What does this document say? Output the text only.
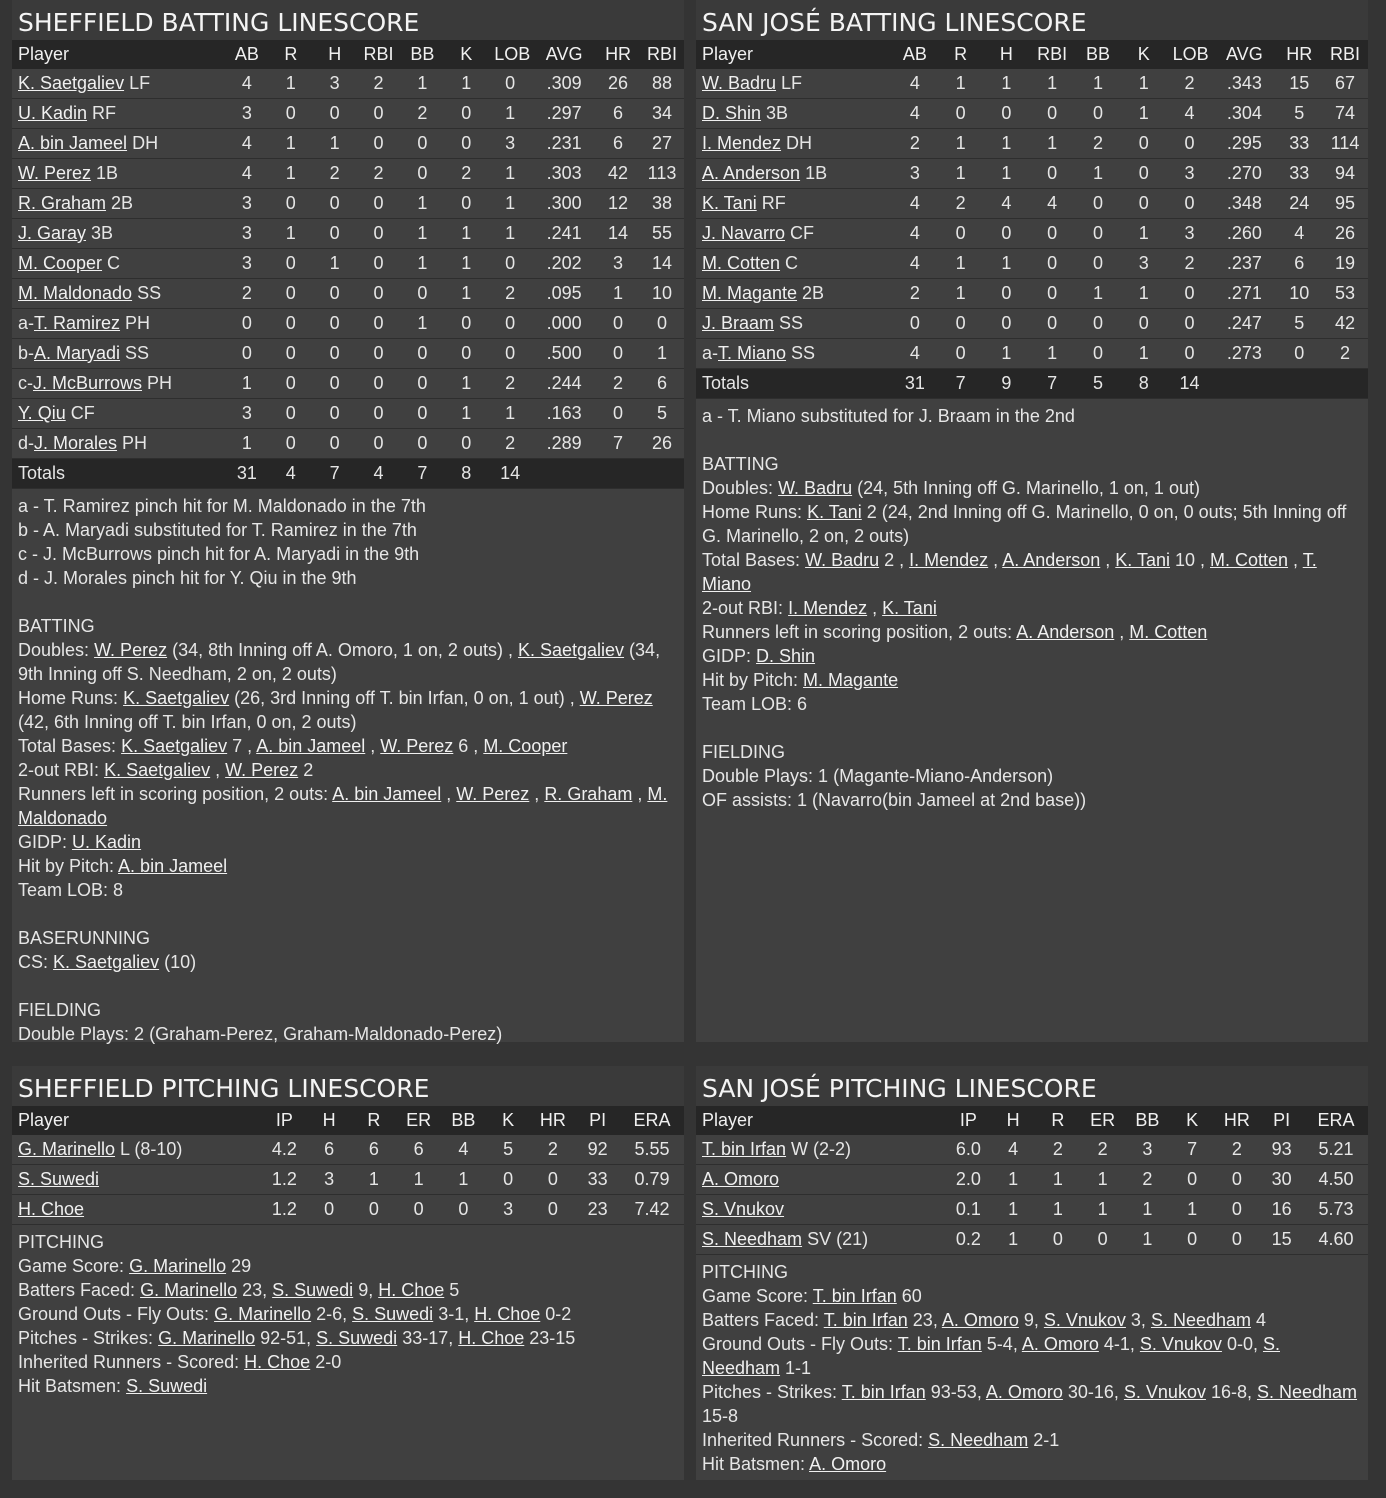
SHEFFIELD BATTING LINESCORE
Player	AB	R	H	RBI	BB	K	LOB	AVG	HR	RBI
K. Saetgaliev LF	4	1	3	2	1	1	0	.309	26	88
U. Kadin RF	3	0	0	0	2	0	1	.297	6	34
A. bin Jameel DH	4	1	1	0	0	0	3	.231	6	27
W. Perez 1B	4	1	2	2	0	2	1	.303	42	113
R. Graham 2B	3	0	0	0	1	0	1	.300	12	38
J. Garay 3B	3	1	0	0	1	1	1	.241	14	55
M. Cooper C	3	0	1	0	1	1	0	.202	3	14
M. Maldonado SS	2	0	0	0	0	1	2	.095	1	10
a-T. Ramirez PH	0	0	0	0	1	0	0	.000	0	0
b-A. Maryadi SS	0	0	0	0	0	0	0	.500	0	1
c-J. McBurrows PH	1	0	0	0	0	1	2	.244	2	6
Y. Qiu CF	3	0	0	0	0	1	1	.163	0	5
d-J. Morales PH	1	0	0	0	0	0	2	.289	7	26
Totals	31	4	7	4	7	8	14			
a - T. Ramirez pinch hit for M. Maldonado in the 7th
b - A. Maryadi substituted for T. Ramirez in the 7th
c - J. McBurrows pinch hit for A. Maryadi in the 9th
d - J. Morales pinch hit for Y. Qiu in the 9th
BATTING
Doubles: W. Perez (34, 8th Inning off A. Omoro, 1 on, 2 outs) , K. Saetgaliev (34, 9th Inning off S. Needham, 2 on, 2 outs)
Home Runs: K. Saetgaliev (26, 3rd Inning off T. bin Irfan, 0 on, 1 out) , W. Perez (42, 6th Inning off T. bin Irfan, 0 on, 2 outs)
Total Bases: K. Saetgaliev 7 , A. bin Jameel , W. Perez 6 , M. Cooper
2-out RBI: K. Saetgaliev , W. Perez 2
Runners left in scoring position, 2 outs: A. bin Jameel , W. Perez , R. Graham , M. Maldonado
GIDP: U. Kadin
Hit by Pitch: A. bin Jameel
Team LOB: 8
BASERUNNING
CS: K. Saetgaliev (10)
FIELDING
Double Plays: 2 (Graham-Perez, Graham-Maldonado-Perez)
SAN JOSÉ BATTING LINESCORE
Player	AB	R	H	RBI	BB	K	LOB	AVG	HR	RBI
W. Badru LF	4	1	1	1	1	1	2	.343	15	67
D. Shin 3B	4	0	0	0	0	1	4	.304	5	74
I. Mendez DH	2	1	1	1	2	0	0	.295	33	114
A. Anderson 1B	3	1	1	0	1	0	3	.270	33	94
K. Tani RF	4	2	4	4	0	0	0	.348	24	95
J. Navarro CF	4	0	0	0	0	1	3	.260	4	26
M. Cotten C	4	1	1	0	0	3	2	.237	6	19
M. Magante 2B	2	1	0	0	1	1	0	.271	10	53
J. Braam SS	0	0	0	0	0	0	0	.247	5	42
a-T. Miano SS	4	0	1	1	0	1	0	.273	0	2
Totals	31	7	9	7	5	8	14			
a - T. Miano substituted for J. Braam in the 2nd
BATTING
Doubles: W. Badru (24, 5th Inning off G. Marinello, 1 on, 1 out)
Home Runs: K. Tani 2 (24, 2nd Inning off G. Marinello, 0 on, 0 outs; 5th Inning off G. Marinello, 2 on, 2 outs)
Total Bases: W. Badru 2 , I. Mendez , A. Anderson , K. Tani 10 , M. Cotten , T. Miano
2-out RBI: I. Mendez , K. Tani
Runners left in scoring position, 2 outs: A. Anderson , M. Cotten
GIDP: D. Shin
Hit by Pitch: M. Magante
Team LOB: 6
FIELDING
Double Plays: 1 (Magante-Miano-Anderson)
OF assists: 1 (Navarro(bin Jameel at 2nd base))
SHEFFIELD PITCHING LINESCORE
Player	IP	H	R	ER	BB	K	HR	PI	ERA
G. Marinello L (8-10)	4.2	6	6	6	4	5	2	92	5.55
S. Suwedi	1.2	3	1	1	1	0	0	33	0.79
H. Choe	1.2	0	0	0	0	3	0	23	7.42
PITCHING
Game Score: G. Marinello 29
Batters Faced: G. Marinello 23, S. Suwedi 9, H. Choe 5
Ground Outs - Fly Outs: G. Marinello 2-6, S. Suwedi 3-1, H. Choe 0-2
Pitches - Strikes: G. Marinello 92-51, S. Suwedi 33-17, H. Choe 23-15
Inherited Runners - Scored: H. Choe 2-0
Hit Batsmen: S. Suwedi
SAN JOSÉ PITCHING LINESCORE
Player	IP	H	R	ER	BB	K	HR	PI	ERA
T. bin Irfan W (2-2)	6.0	4	2	2	3	7	2	93	5.21
A. Omoro	2.0	1	1	1	2	0	0	30	4.50
S. Vnukov	0.1	1	1	1	1	1	0	16	5.73
S. Needham SV (21)	0.2	1	0	0	1	0	0	15	4.60
PITCHING
Game Score: T. bin Irfan 60
Batters Faced: T. bin Irfan 23, A. Omoro 9, S. Vnukov 3, S. Needham 4
Ground Outs - Fly Outs: T. bin Irfan 5-4, A. Omoro 4-1, S. Vnukov 0-0, S. Needham 1-1
Pitches - Strikes: T. bin Irfan 93-53, A. Omoro 30-16, S. Vnukov 16-8, S. Needham 15-8
Inherited Runners - Scored: S. Needham 2-1
Hit Batsmen: A. Omoro
